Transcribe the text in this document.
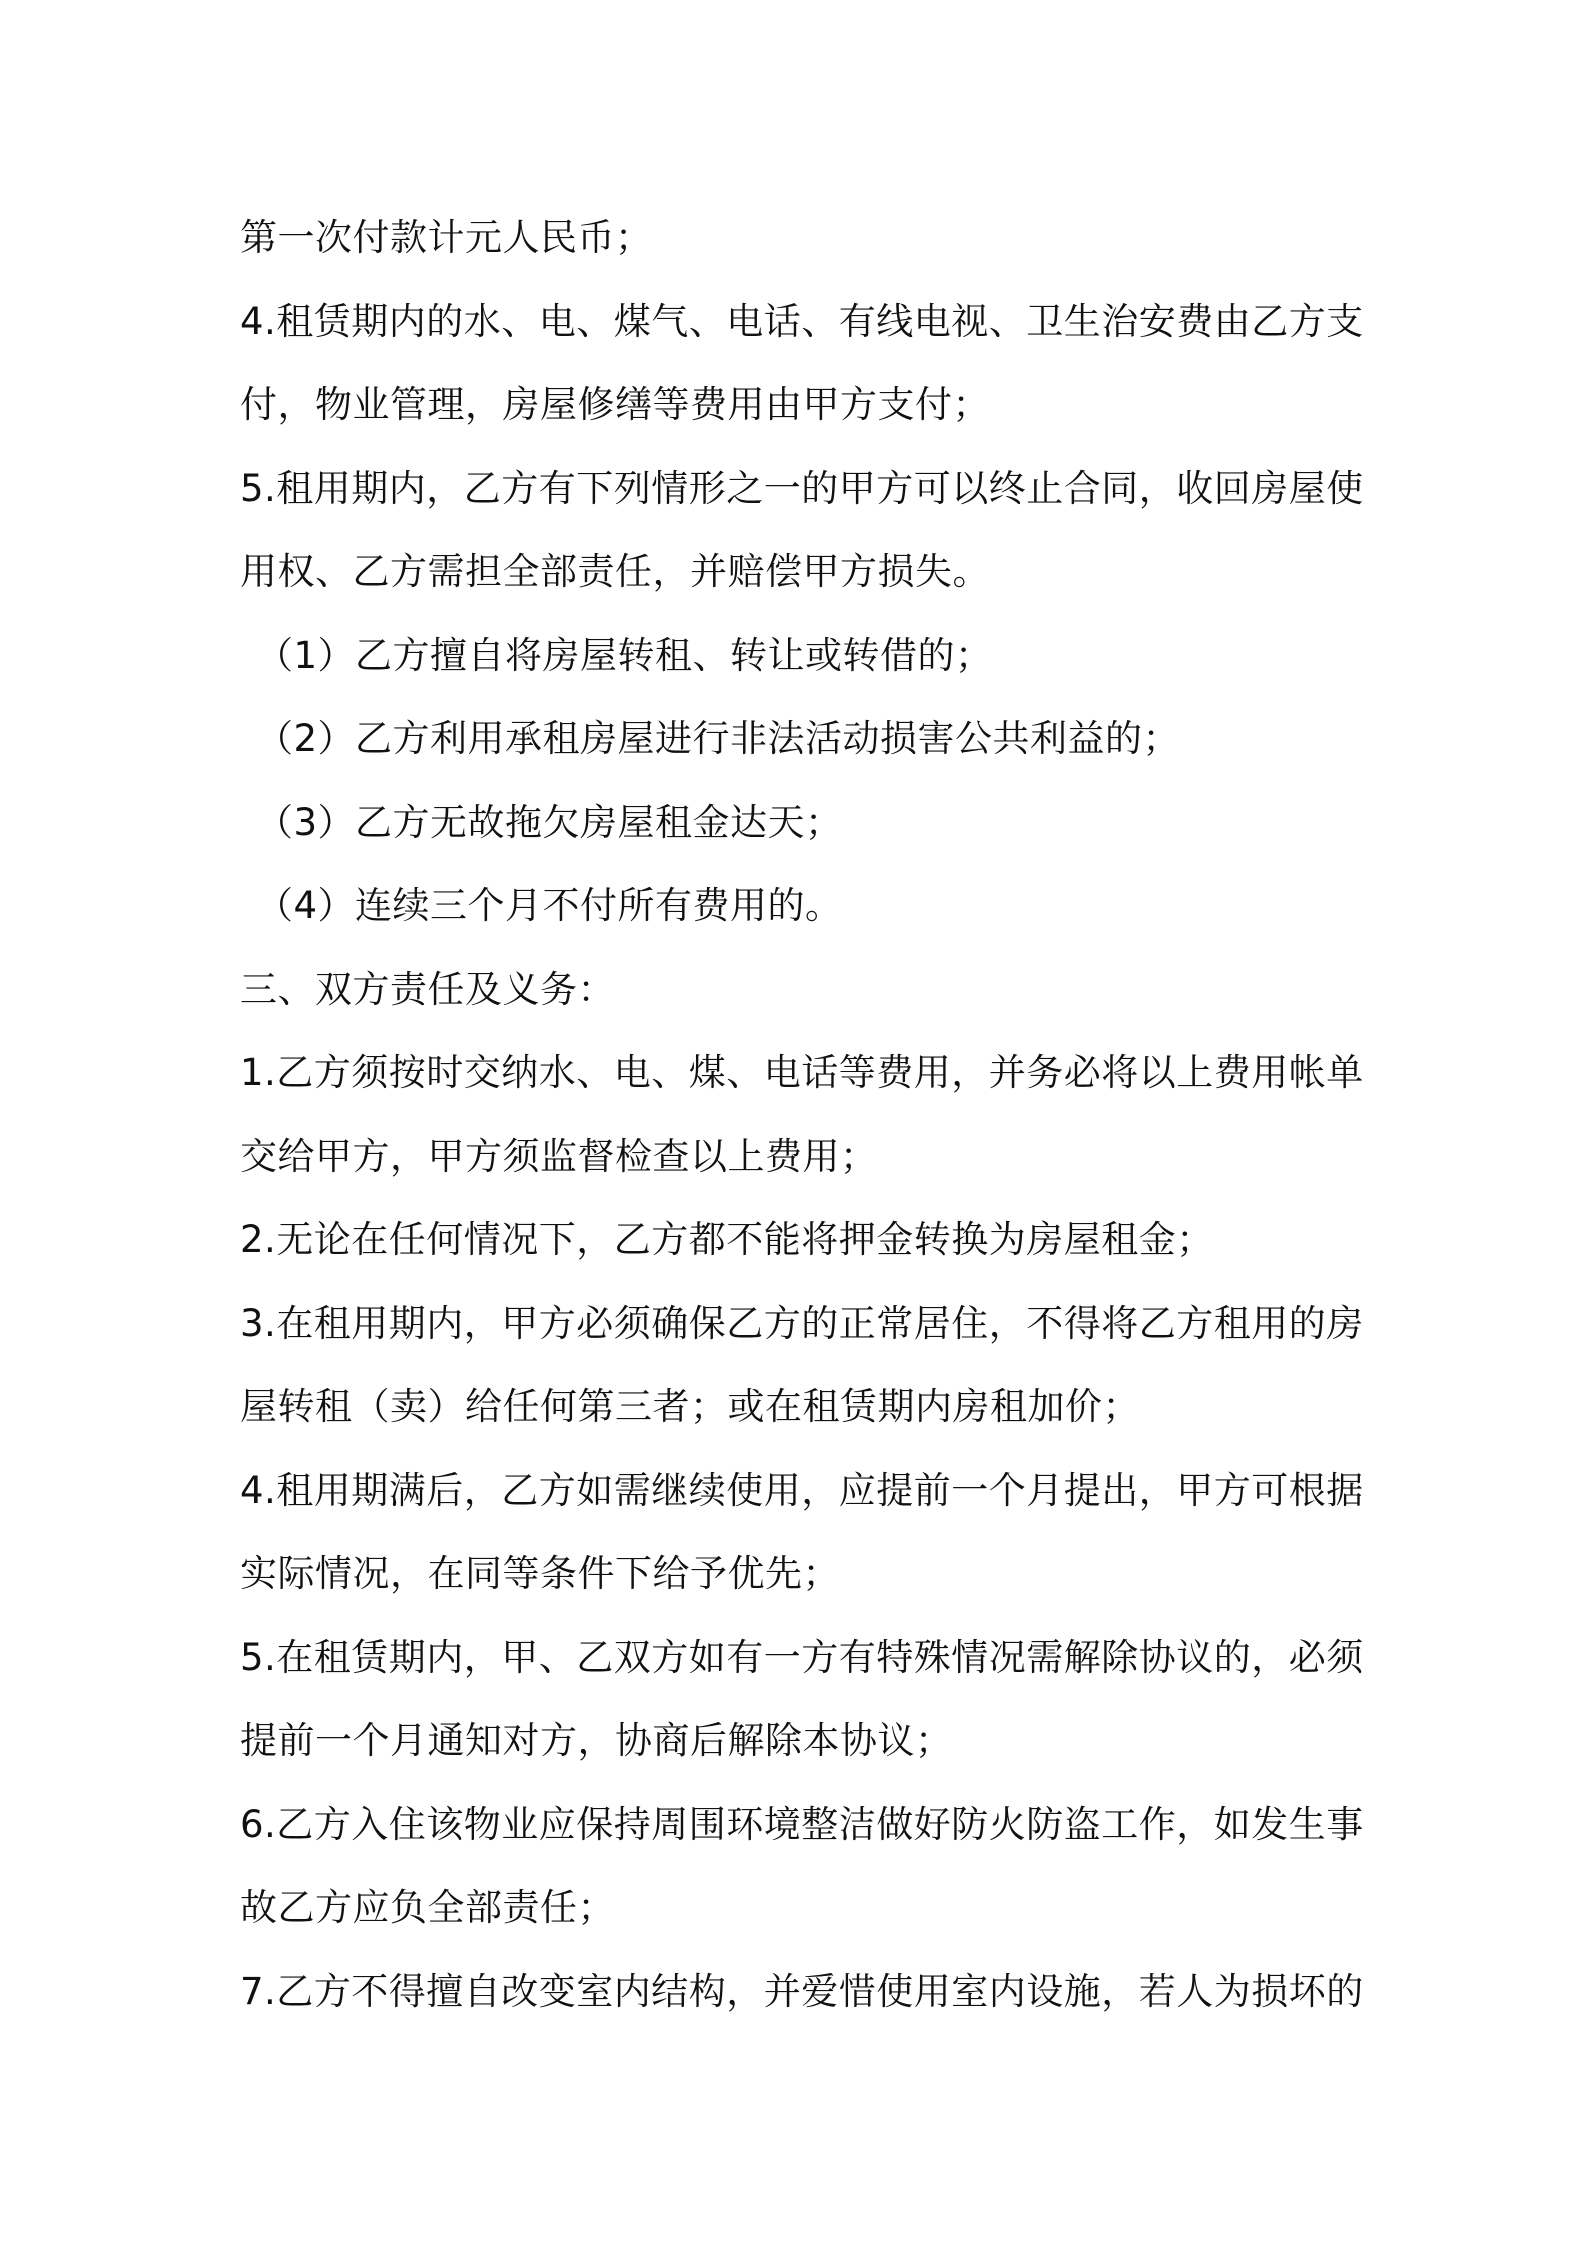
第一次付款计元人民币；
4.租赁期内的水、电、煤气、电话、有线电视、卫生治安费由乙方支
付，物业管理，房屋修缮等费用由甲方支付；
5.租用期内，乙方有下列情形之一的甲方可以终止合同，收回房屋使
用权、乙方需担全部责任，并赔偿甲方损失。
（1）乙方擅自将房屋转租、转让或转借的；
（2）乙方利用承租房屋进行非法活动损害公共利益的；
（3）乙方无故拖欠房屋租金达天；
（4）连续三个月不付所有费用的。
三、双方责任及义务：
1.乙方须按时交纳水、电、煤、电话等费用，并务必将以上费用帐单
交给甲方，甲方须监督检查以上费用；
2.无论在任何情况下，乙方都不能将押金转换为房屋租金；
3.在租用期内，甲方必须确保乙方的正常居住，不得将乙方租用的房
屋转租（卖）给任何第三者；或在租赁期内房租加价；
4.租用期满后，乙方如需继续使用，应提前一个月提出，甲方可根据
实际情况，在同等条件下给予优先；
5.在租赁期内，甲、乙双方如有一方有特殊情况需解除协议的，必须
提前一个月通知对方，协商后解除本协议；
6.乙方入住该物业应保持周围环境整洁做好防火防盗工作，如发生事
故乙方应负全部责任；
7.乙方不得擅自改变室内结构，并爱惜使用室内设施，若人为损坏的
